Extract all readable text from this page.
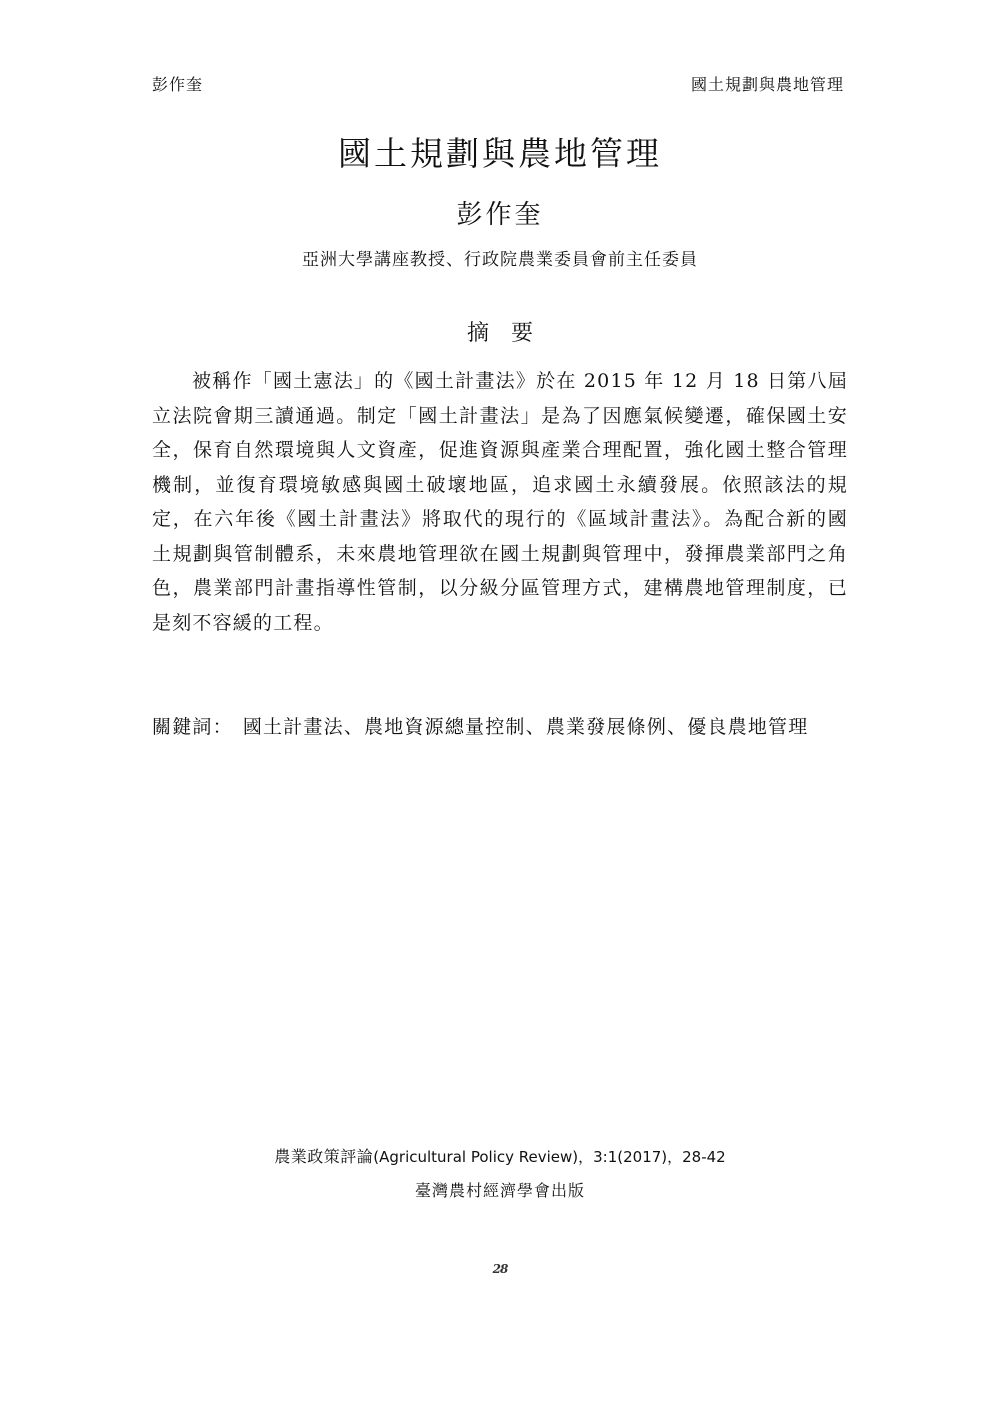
彭作奎	國土規劃與農地管理
國土規劃與農地管理
彭作奎
亞洲大學講座教授、行政院農業委員會前主任委員
摘要

被稱作「國土憲法」的《國土計畫法》於在 2015 年 12 月 18 日第八屆立法院會期三讀通過。制定「國土計畫法」是為了因應氣候變遷，確保國土安全，保育自然環境與人文資產，促進資源與產業合理配置，強化國土整合管理機制，並復育環境敏感與國土破壞地區，追求國土永續發展。依照該法的規定，在六年後《國土計畫法》將取代的現行的《區域計畫法》。為配合新的國土規劃與管制體系，未來農地管理欲在國土規劃與管理中，發揮農業部門之角色，農業部門計畫指導性管制，以分級分區管理方式，建構農地管理制度，已是刻不容緩的工程。

關鍵詞： 國土計畫法、農地資源總量控制、農業發展條例、優良農地管理
農業政策評論(Agricultural Policy Review)，3:1(2017)，28-42
臺灣農村經濟學會出版
28
